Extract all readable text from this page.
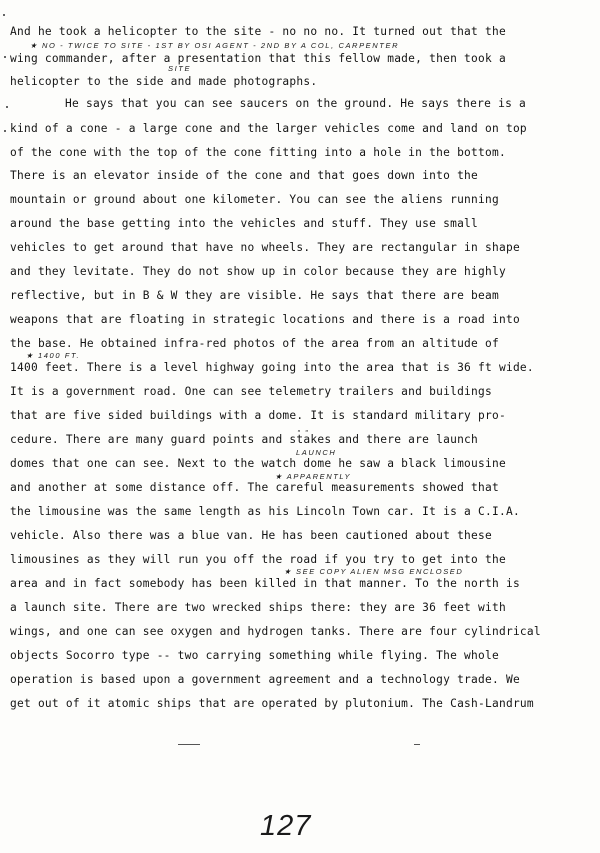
And he took a helicopter to the site - no no no. It turned out that the
★ NO - TWICE TO SITE - 1ST BY OSI AGENT - 2ND BY A COL, CARPENTER
wing commander, after a presentation that this fellow made, then took a
SITE
helicopter to the side and made photographs.
He says that you can see saucers on the ground. He says there is a
kind of a cone - a large cone and the larger vehicles come and land on top
of the cone with the top of the cone fitting into a hole in the bottom.
There is an elevator inside of the cone and that goes down into the
mountain or ground about one kilometer. You can see the aliens running
around the base getting into the vehicles and stuff. They use small
vehicles to get around that have no wheels. They are rectangular in shape
and they levitate. They do not show up in color because they are highly
reflective, but in B & W they are visible. He says that there are beam
weapons that are floating in strategic locations and there is a road into
the base. He obtained infra-red photos of the area from an altitude of
★ 1400 FT.
1400 feet. There is a level highway going into the area that is 36 ft wide.
It is a government road. One can see telemetry trailers and buildings
that are five sided buildings with a dome. It is standard military pro-
„ „
cedure. There are many guard points and stakes and there are launch
LAUNCH
domes that one can see. Next to the watch dome he saw a black limousine
★ APPARENTLY
and another at some distance off. The careful measurements showed that
the limousine was the same length as his Lincoln Town car. It is a C.I.A.
vehicle. Also there was a blue van. He has been cautioned about these
limousines as they will run you off the road if you try to get into the
★ SEE COPY ALIEN MSG ENCLOSED
area and in fact somebody has been killed in that manner. To the north is
a launch site. There are two wrecked ships there: they are 36 feet with
wings, and one can see oxygen and hydrogen tanks. There are four cylindrical
objects Socorro type -- two carrying something while flying. The whole
operation is based upon a government agreement and a technology trade. We
get out of it atomic ships that are operated by plutonium. The Cash-Landrum
127
